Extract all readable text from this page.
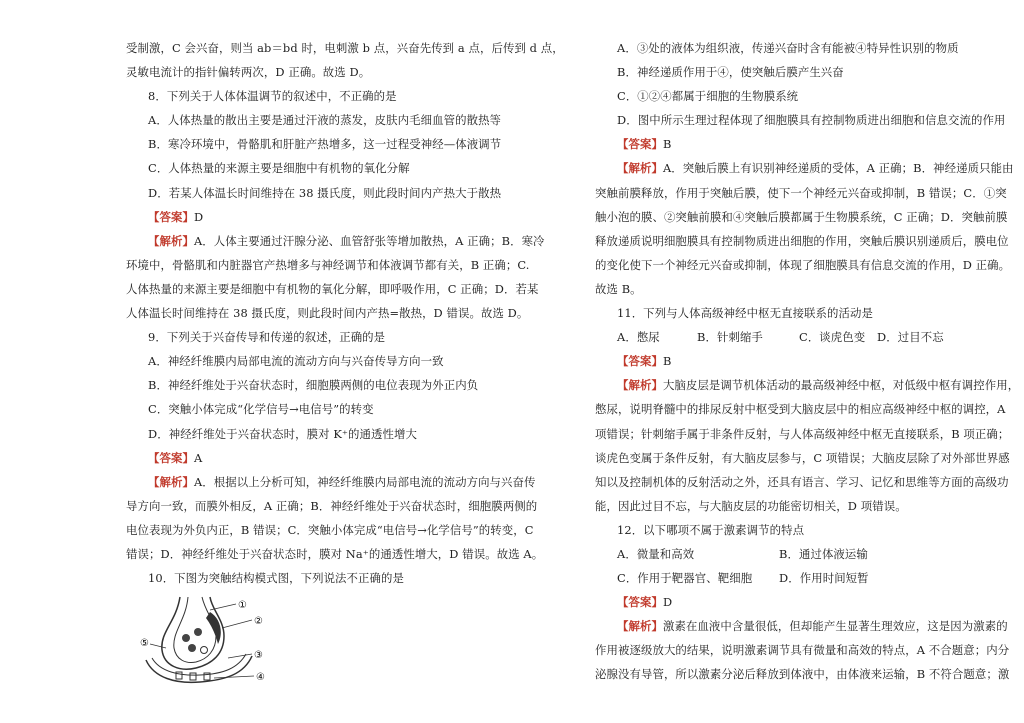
受制激，C 会兴奋，则当 ab＝bd 时，电刺激 b 点，兴奋先传到 a 点，后传到 d 点，
灵敏电流计的指针偏转两次，D 正确。故选 D。
8．下列关于人体体温调节的叙述中，不正确的是
A．人体热量的散出主要是通过汗液的蒸发，皮肤内毛细血管的散热等
B．寒冷环境中，骨骼肌和肝脏产热增多，这一过程受神经—体液调节
C．人体热量的来源主要是细胞中有机物的氧化分解
D．若某人体温长时间维持在 38 摄氏度，则此段时间内产热大于散热
【答案】D
【解析】A．人体主要通过汗腺分泌、血管舒张等增加散热，A 正确；B．寒冷
环境中，骨骼肌和内脏器官产热增多与神经调节和体液调节都有关，B 正确；C.
人体热量的来源主要是细胞中有机物的氧化分解，即呼吸作用，C 正确；D．若某
人体温长时间维持在 38 摄氏度，则此段时间内产热=散热，D 错误。故选 D。
9．下列关于兴奋传导和传递的叙述，正确的是
A．神经纤维膜内局部电流的流动方向与兴奋传导方向一致
B．神经纤维处于兴奋状态时，细胞膜两侧的电位表现为外正内负
C．突触小体完成“化学信号→电信号”的转变
D．神经纤维处于兴奋状态时，膜对 K⁺的通透性增大
【答案】A
【解析】A．根据以上分析可知，神经纤维膜内局部电流的流动方向与兴奋传
导方向一致，而膜外相反，A 正确；B．神经纤维处于兴奋状态时，细胞膜两侧的
电位表现为外负内正，B 错误；C．突触小体完成“电信号→化学信号”的转变，C
错误；D．神经纤维处于兴奋状态时，膜对 Na⁺的通透性增大，D 错误。故选 A。
10．下图为突触结构模式图，下列说法不正确的是
①
②
③
④
⑤
A．③处的液体为组织液，传递兴奋时含有能被④特异性识别的物质
B．神经递质作用于④，使突触后膜产生兴奋
C．①②④都属于细胞的生物膜系统
D．图中所示生理过程体现了细胞膜具有控制物质进出细胞和信息交流的作用
【答案】B
【解析】A．突触后膜上有识别神经递质的受体，A 正确；B．神经递质只能由
突触前膜释放，作用于突触后膜，使下一个神经元兴奋或抑制，B 错误；C．①突
触小泡的膜、②突触前膜和④突触后膜都属于生物膜系统，C 正确；D．突触前膜
释放递质说明细胞膜具有控制物质进出细胞的作用，突触后膜识别递质后，膜电位
的变化使下一个神经元兴奋或抑制，体现了细胞膜具有信息交流的作用，D 正确。
故选 B。
11．下列与人体高级神经中枢无直接联系的活动是
A．憋尿	B．针刺缩手	C．谈虎色变	D．过目不忘
【答案】B
【解析】大脑皮层是调节机体活动的最高级神经中枢，对低级中枢有调控作用，
憋尿，说明脊髓中的排尿反射中枢受到大脑皮层中的相应高级神经中枢的调控，A
项错误；针刺缩手属于非条件反射，与人体高级神经中枢无直接联系，B 项正确；
谈虎色变属于条件反射，有大脑皮层参与，C 项错误；大脑皮层除了对外部世界感
知以及控制机体的反射活动之外，还具有语言、学习、记忆和思维等方面的高级功
能，因此过目不忘，与大脑皮层的功能密切相关，D 项错误。
12．以下哪项不属于激素调节的特点
A．微量和高效	B．通过体液运输
C．作用于靶器官、靶细胞	D．作用时间短暂
【答案】D
【解析】激素在血液中含量很低，但却能产生显著生理效应，这是因为激素的
作用被逐级放大的结果，说明激素调节具有微量和高效的特点，A 不合题意；内分
泌腺没有导管，所以激素分泌后释放到体液中，由体液来运输，B 不符合题意；激
